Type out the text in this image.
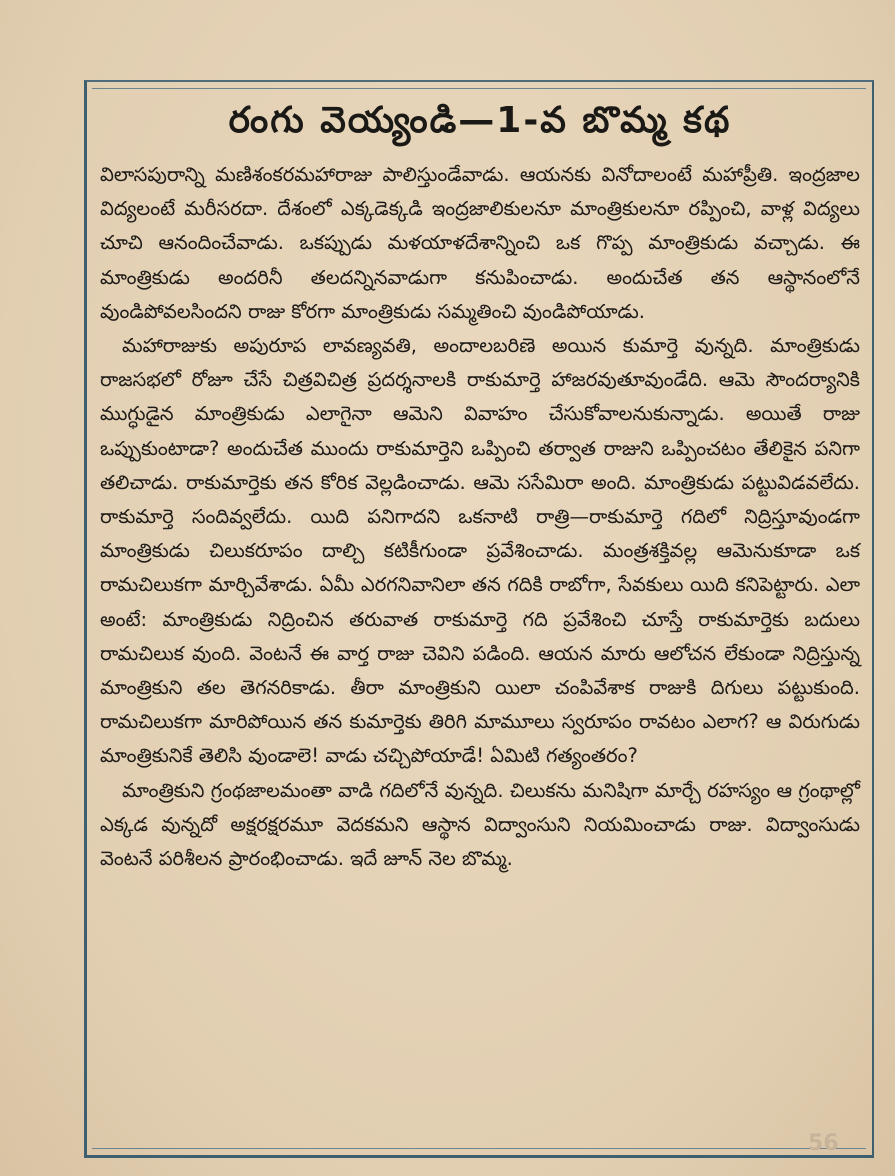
రంగు వెయ్యండి—1-వ బొమ్మ కథ

విలాసపురాన్ని మణిశంకరమహారాజు పాలిస్తుండేవాడు. ఆయనకు వినోదాలంటే మహాప్రీతి. ఇంద్రజాల విద్యలంటే మరీసరదా. దేశంలో ఎక్కడెక్కడి ఇంద్రజాలికులనూ మాంత్రికులనూ రప్పించి, వాళ్ల విద్యలు చూచి ఆనందించేవాడు. ఒకప్పుడు మళయాళదేశాన్నించి ఒక గొప్ప మాంత్రికుడు వచ్చాడు. ఈ మాంత్రికుడు అందరినీ తలదన్నినవాడుగా కనుపించాడు. అందుచేత తన ఆస్థానంలోనే వుండిపోవలసిందని రాజు కోరగా మాంత్రికుడు సమ్మతించి వుండిపోయాడు.

మహారాజుకు అపురూప లావణ్యవతి, అందాలబరిణె అయిన కుమార్తె వున్నది. మాంత్రికుడు రాజసభలో రోజూ చేసే చిత్రవిచిత్ర ప్రదర్శనాలకి రాకుమార్తె హాజరవుతూవుండేది. ఆమె సౌందర్యానికి ముగ్ధుడైన మాంత్రికుడు ఎలాగైనా ఆమెని వివాహం చేసుకోవాలనుకున్నాడు. అయితే రాజు ఒప్పుకుంటాడా? అందుచేత ముందు రాకుమార్తెని ఒప్పించి తర్వాత రాజుని ఒప్పించటం తేలికైన పనిగా తలిచాడు. రాకుమార్తెకు తన కోరిక వెల్లడించాడు. ఆమె ససేమిరా అంది. మాంత్రికుడు పట్టువిడవలేదు. రాకుమార్తె సందివ్వలేదు. యిది పనిగాదని ఒకనాటి రాత్రి—రాకుమార్తె గదిలో నిద్రిస్తూవుండగా మాంత్రికుడు చిలుకరూపం దాల్చి కటికీగుండా ప్రవేశించాడు. మంత్రశక్తివల్ల ఆమెనుకూడా ఒక రామచిలుకగా మార్చివేశాడు. ఏమీ ఎరగనివానిలా తన గదికి రాబోగా, సేవకులు యిది కనిపెట్టారు. ఎలా అంటే: మాంత్రికుడు నిద్రించిన తరువాత రాకుమార్తె గది ప్రవేశించి చూస్తే రాకుమార్తెకు బదులు రామచిలుక వుంది. వెంటనే ఈ వార్త రాజు చెవిని పడింది. ఆయన మారు ఆలోచన లేకుండా నిద్రిస్తున్న మాంత్రికుని తల తెగనరికాడు. తీరా మాంత్రికుని యిలా చంపివేశాక రాజుకి దిగులు పట్టుకుంది. రామచిలుకగా మారిపోయిన తన కుమార్తెకు తిరిగి మామూలు స్వరూపం రావటం ఎలాగ? ఆ విరుగుడు మాంత్రికునికే తెలిసి వుండాలె! వాడు చచ్చిపోయాడే! ఏమిటి గత్యంతరం?

మాంత్రికుని గ్రంథజాలమంతా వాడి గదిలోనే వున్నది. చిలుకను మనిషిగా మార్చే రహస్యం ఆ గ్రంథాల్లో ఎక్కడ వున్నదో అక్షరక్షరమూ వెదకమని ఆస్థాన విద్వాంసుని నియమించాడు రాజు. విద్వాంసుడు వెంటనే పరిశీలన ప్రారంభించాడు. ఇదే జూన్ నెల బొమ్మ.

56
